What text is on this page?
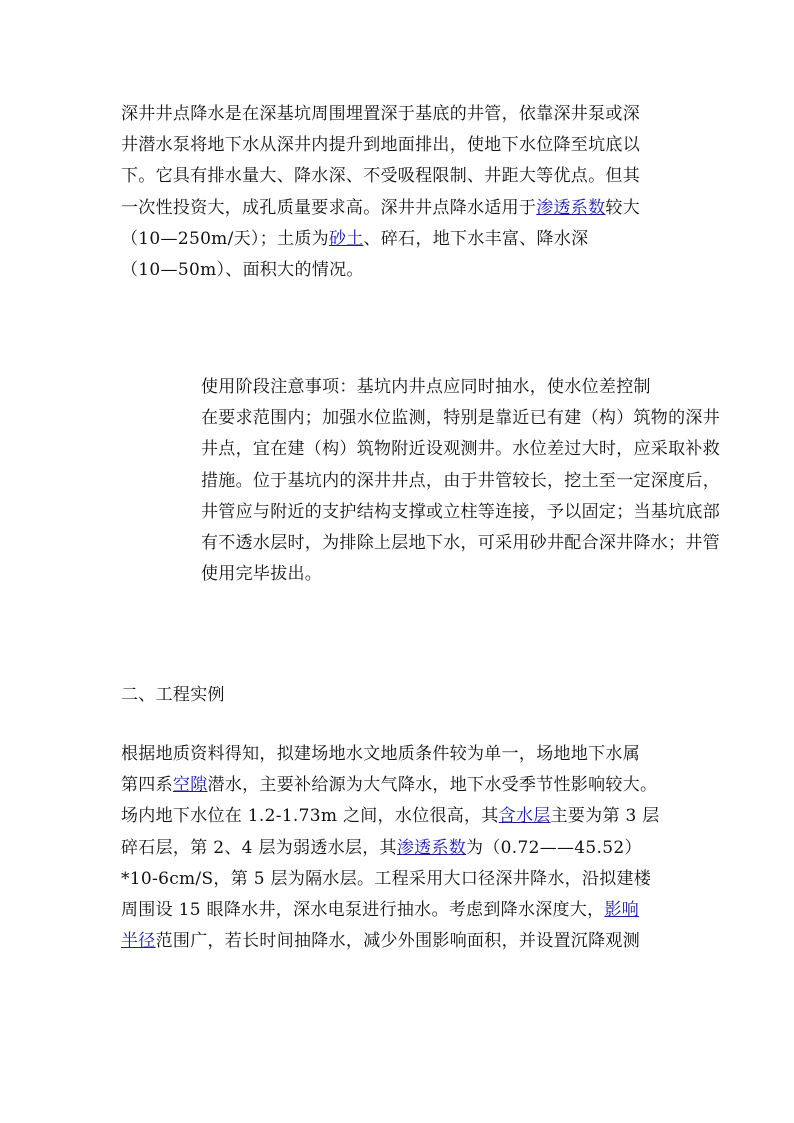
深井井点降水是在深基坑周围埋置深于基底的井管，依靠深井泵或深
井潜水泵将地下水从深井内提升到地面排出，使地下水位降至坑底以
下。它具有排水量大、降水深、不受吸程限制、井距大等优点。但其
一次性投资大，成孔质量要求高。深井井点降水适用于渗透系数较大
（10—250m/天）；土质为砂土、碎石，地下水丰富、降水深
（10—50m）、面积大的情况。
使用阶段注意事项：基坑内井点应同时抽水，使水位差控制
在要求范围内；加强水位监测，特别是靠近已有建（构）筑物的深井
井点，宜在建（构）筑物附近设观测井。水位差过大时，应采取补救
措施。位于基坑内的深井井点，由于井管较长，挖土至一定深度后，
井管应与附近的支护结构支撑或立柱等连接，予以固定；当基坑底部
有不透水层时，为排除上层地下水，可采用砂井配合深井降水；井管
使用完毕拔出。
二、工程实例
根据地质资料得知，拟建场地水文地质条件较为单一，场地地下水属
第四系空隙潜水，主要补给源为大气降水，地下水受季节性影响较大。
场内地下水位在 1.2-1.73m 之间，水位很高，其含水层主要为第 3 层
碎石层，第 2、4 层为弱透水层，其渗透系数为（0.72——45.52）
*10-6cm/S，第 5 层为隔水层。工程采用大口径深井降水，沿拟建楼
周围设 15 眼降水井，深水电泵进行抽水。考虑到降水深度大，影响
半径范围广，若长时间抽降水，减少外围影响面积，并设置沉降观测
